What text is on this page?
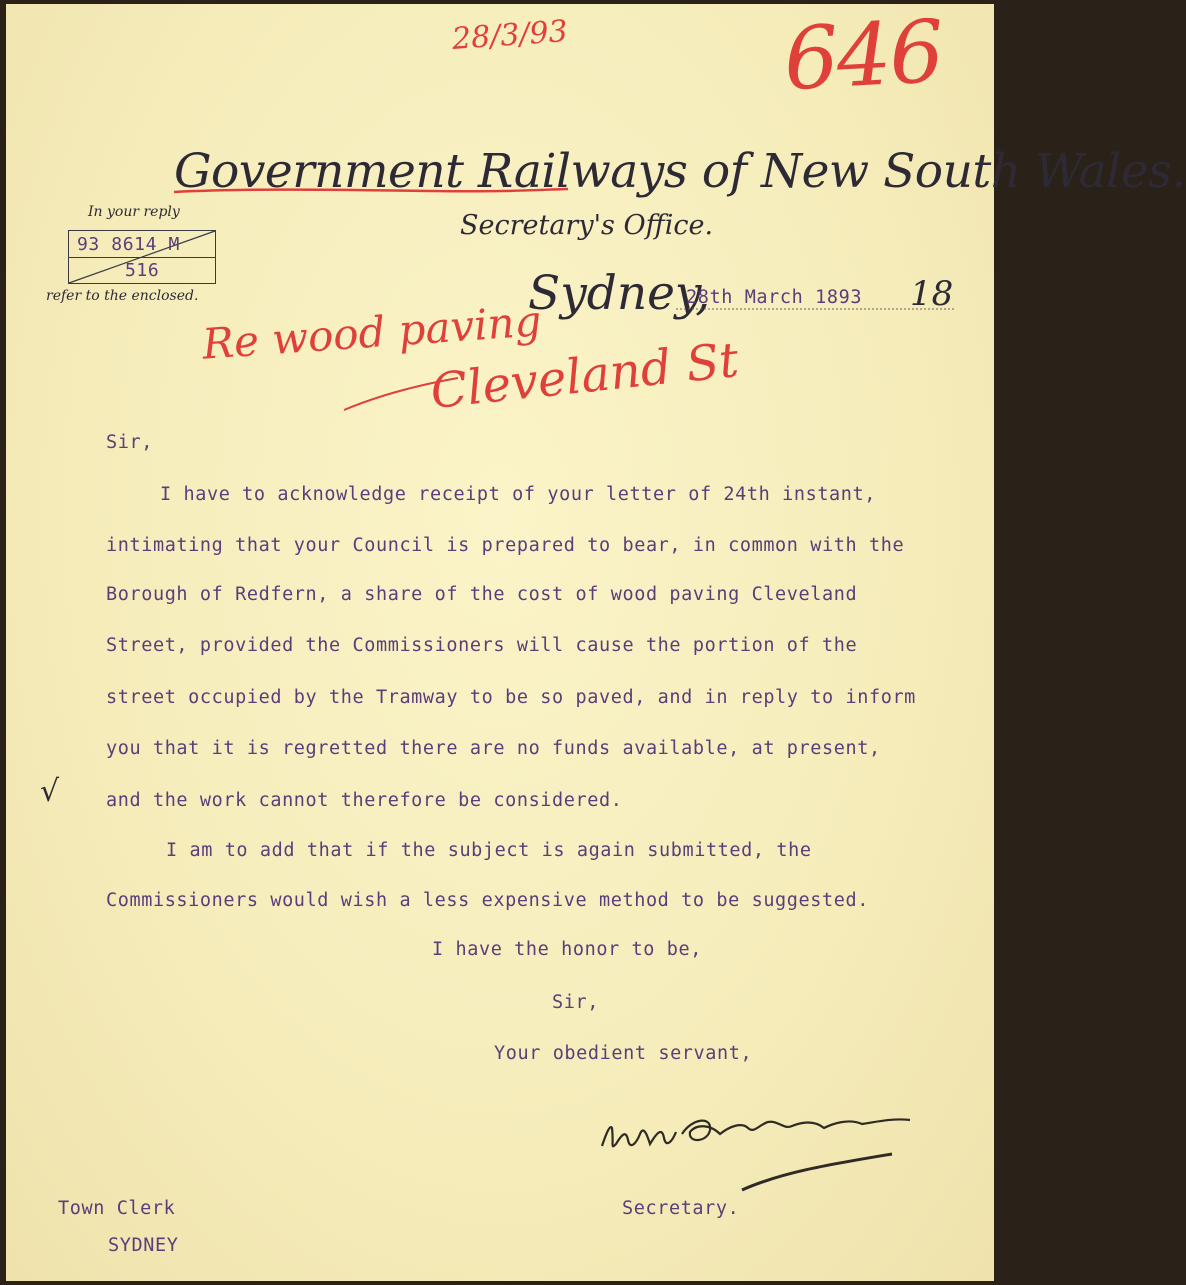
28/3/93 646
Government Railways of New South Wales.
Secretary's Office.
In your reply
93 8614 M
516
refer to the enclosed.	Sydney,
28th March 1893 18
Re wood paving
Cleveland St
Sir,
I have to acknowledge receipt of your letter of 24th instant,
intimating that your Council is prepared to bear, in common with the
Borough of Redfern, a share of the cost of wood paving Cleveland
Street, provided the Commissioners will cause the portion of the
street occupied by the Tramway to be so paved, and in reply to inform
you that it is regretted there are no funds available, at present,
and the work cannot therefore be considered.
I am to add that if the subject is again submitted, the
Commissioners would wish a less expensive method to be suggested.
√
I have the honor to be,
Sir,
Your obedient servant,
Secretary.
Town Clerk
SYDNEY
